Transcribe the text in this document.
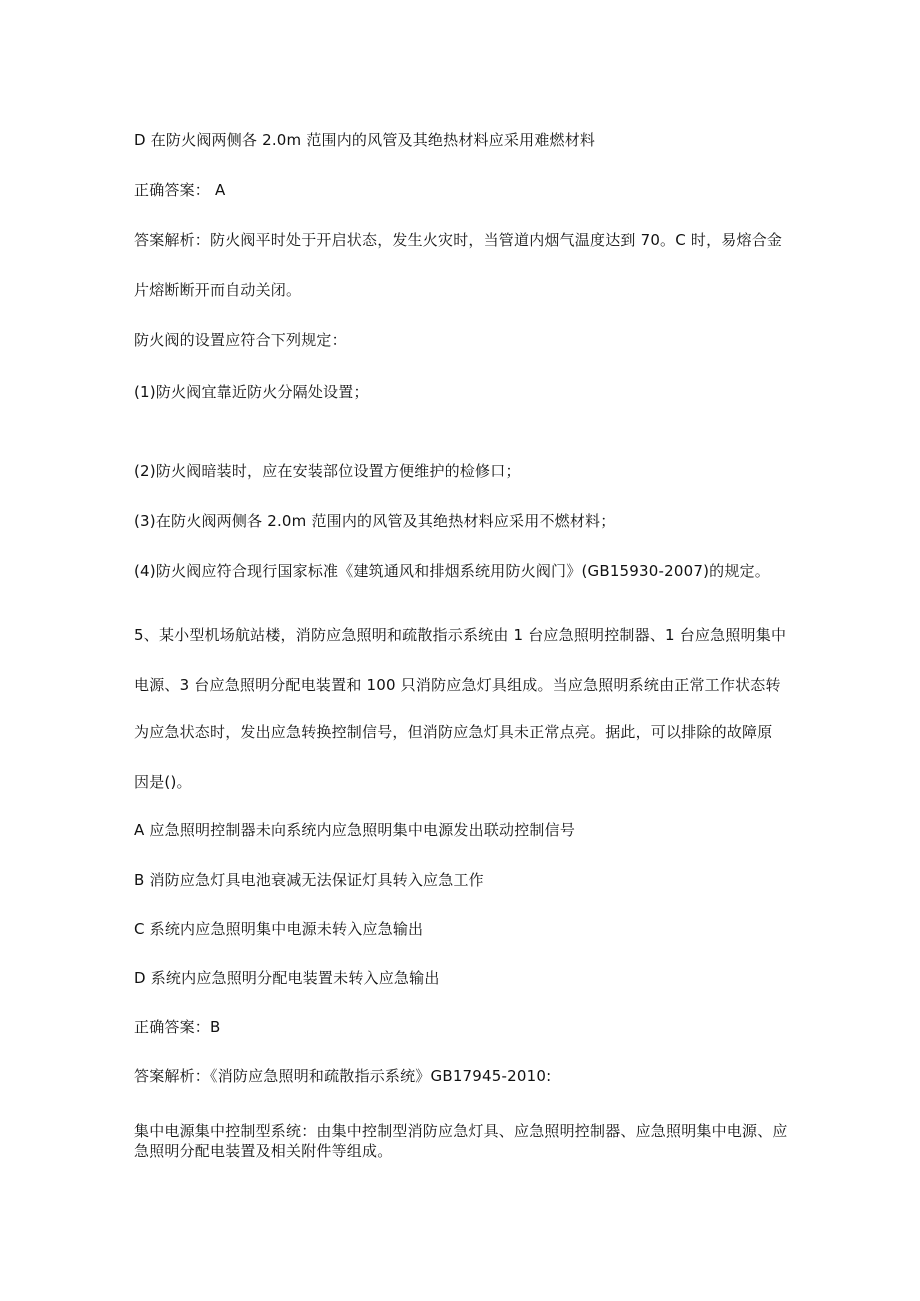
D 在防火阀两侧各 2.0m 范围内的风管及其绝热材料应采用难燃材料
正确答案： A
答案解析：防火阀平时处于开启状态，发生火灾时，当管道内烟气温度达到 70。C 时，易熔合金
片熔断断开而自动关闭。
防火阀的设置应符合下列规定：
(1)防火阀宜靠近防火分隔处设置；
(2)防火阀暗装时，应在安装部位设置方便维护的检修口；
(3)在防火阀两侧各 2.0m 范围内的风管及其绝热材料应采用不燃材料；
(4)防火阀应符合现行国家标准《建筑通风和排烟系统用防火阀门》(GB15930-2007)的规定。
5、某小型机场航站楼，消防应急照明和疏散指示系统由 1 台应急照明控制器、1 台应急照明集中
电源、3 台应急照明分配电装置和 100 只消防应急灯具组成。当应急照明系统由正常工作状态转
为应急状态时，发出应急转换控制信号，但消防应急灯具未正常点亮。据此，可以排除的故障原
因是()。
A 应急照明控制器未向系统内应急照明集中电源发出联动控制信号
B 消防应急灯具电池衰减无法保证灯具转入应急工作
C 系统内应急照明集中电源未转入应急输出
D 系统内应急照明分配电装置未转入应急输出
正确答案：B
答案解析：《消防应急照明和疏散指示系统》GB17945-2010:
集中电源集中控制型系统：由集中控制型消防应急灯具、应急照明控制器、应急照明集中电源、应急照明分配电装置及相关附件等组成。
